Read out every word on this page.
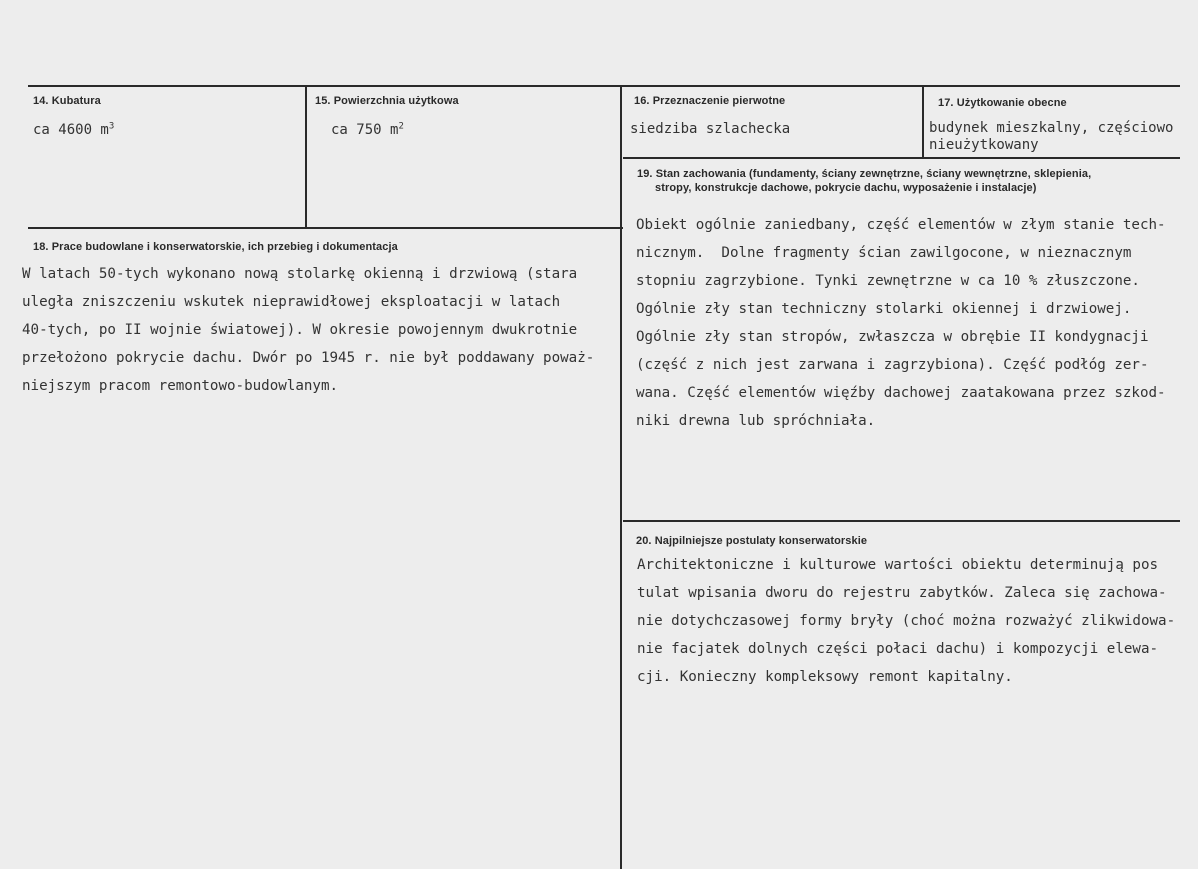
14. Kubatura
ca 4600 $m^3$
15. Powierzchnia użytkowa
ca 750 $m^2$
16. Przeznaczenie pierwotne
siedziba szlachecka
17. Użytkowanie obecne
budynek mieszkalny, częściowo
nieużytkowany
19. Stan zachowania (fundamenty, ściany zewnętrzne, ściany wewnętrzne, sklepienia,
stropy, konstrukcje dachowe, pokrycie dachu, wyposażenie i instalacje)
Obiekt ogólnie zaniedbany, część elementów w złym stanie tech-
nicznym.  Dolne fragmenty ścian zawilgocone, w nieznacznym
stopniu zagrzybione. Tynki zewnętrzne w ca 10 % złuszczone.
Ogólnie zły stan techniczny stolarki okiennej i drzwiowej.
Ogólnie zły stan stropów, zwłaszcza w obrębie II kondygnacji
(część z nich jest zarwana i zagrzybiona). Część podłóg zer-
wana. Część elementów więźby dachowej zaatakowana przez szkod-
niki drewna lub spróchniała.
18. Prace budowlane i konserwatorskie, ich przebieg i dokumentacja
W latach 50-tych wykonano nową stolarkę okienną i drzwiową (stara
uległa zniszczeniu wskutek nieprawidłowej eksploatacji w latach
40-tych, po II wojnie światowej). W okresie powojennym dwukrotnie
przełożono pokrycie dachu. Dwór po 1945 r. nie był poddawany poważ-
niejszym pracom remontowo-budowlanym.
20. Najpilniejsze postulaty konserwatorskie
Architektoniczne i kulturowe wartości obiektu determinują pos
tulat wpisania dworu do rejestru zabytków. Zaleca się zachowa-
nie dotychczasowej formy bryły (choć można rozważyć zlikwidowa-
nie facjatek dolnych części połaci dachu) i kompozycji elewa-
cji. Konieczny kompleksowy remont kapitalny.
